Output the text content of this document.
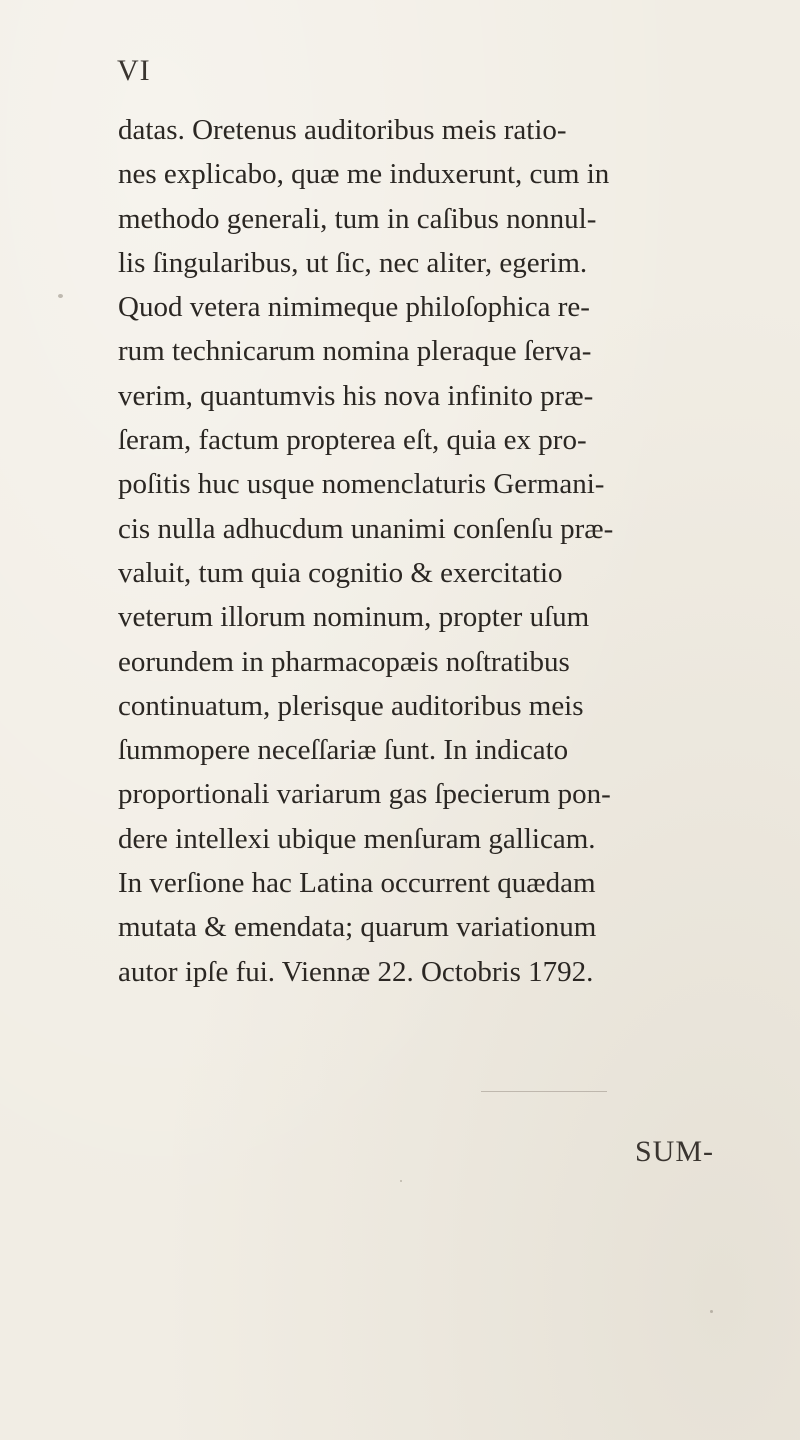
VI
datas. Oretenus auditoribus meis ratio-
nes explicabo, quæ me induxerunt, cum in
methodo generali, tum in caſibus nonnul-
lis ſingularibus, ut ſic, nec aliter, egerim.
Quod vetera nimimeque philoſophica re-
rum technicarum nomina pleraque ſerva-
verim, quantumvis his nova infinito præ-
ſeram, factum propterea eſt, quia ex pro-
poſitis huc usque nomenclaturis Germani-
cis nulla adhucdum unanimi conſenſu præ-
valuit, tum quia cognitio & exercitatio
veterum illorum nominum, propter uſum
eorundem in pharmacopæis noſtratibus
continuatum, plerisque auditoribus meis
ſummopere neceſſariæ ſunt. In indicato
proportionali variarum gas ſpecierum pon-
dere intellexi ubique menſuram gallicam.
In verſione hac Latina occurrent quædam
mutata & emendata; quarum variationum
autor ipſe fui. Viennæ 22. Octobris 1792.
SUM-
